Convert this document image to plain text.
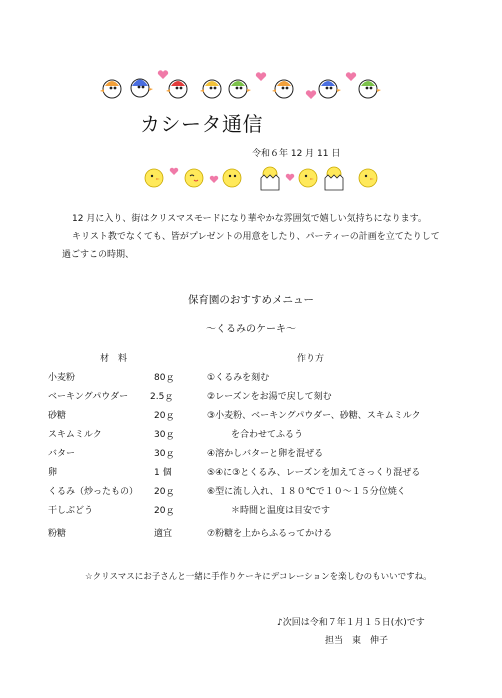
カシータ通信
令和６年 12 月 11 日

12 月に入り、街はクリスマスモードになり華やかな雰囲気で嬉しい気持ちになります。

キリスト教でなくても、皆がプレゼントの用意をしたり、パーティーの計画を立てたりして

過ごすこの時期、

保育園のおすすめメニュー
～くるみのケーキ～
材　料	作り方
小麦粉	80ｇ
ベーキングパウダー 2.5ｇ
砂糖	20ｇ
スキムミルク	30ｇ
バター	30ｇ
卵	1 個
くるみ（炒ったもの） 20ｇ
干しぶどう	20ｇ
粉糖	適宜
①くるみを刻む
②レーズンをお湯で戻して刻む
③小麦粉、ベーキングパウダー、砂糖、スキムミルク
を合わせてふるう
④溶かしバターと卵を混ぜる
⑤④に③とくるみ、レーズンを加えてさっくり混ぜる
⑥型に流し入れ、１８０℃で１０～１５分位焼く
＊時間と温度は目安です
⑦粉糖を上からふるってかける
☆クリスマスにお子さんと一緒に手作りケーキにデコレーションを楽しむのもいいですね。
♪次回は令和７年１月１５日(水)です
担当　東　伸子
